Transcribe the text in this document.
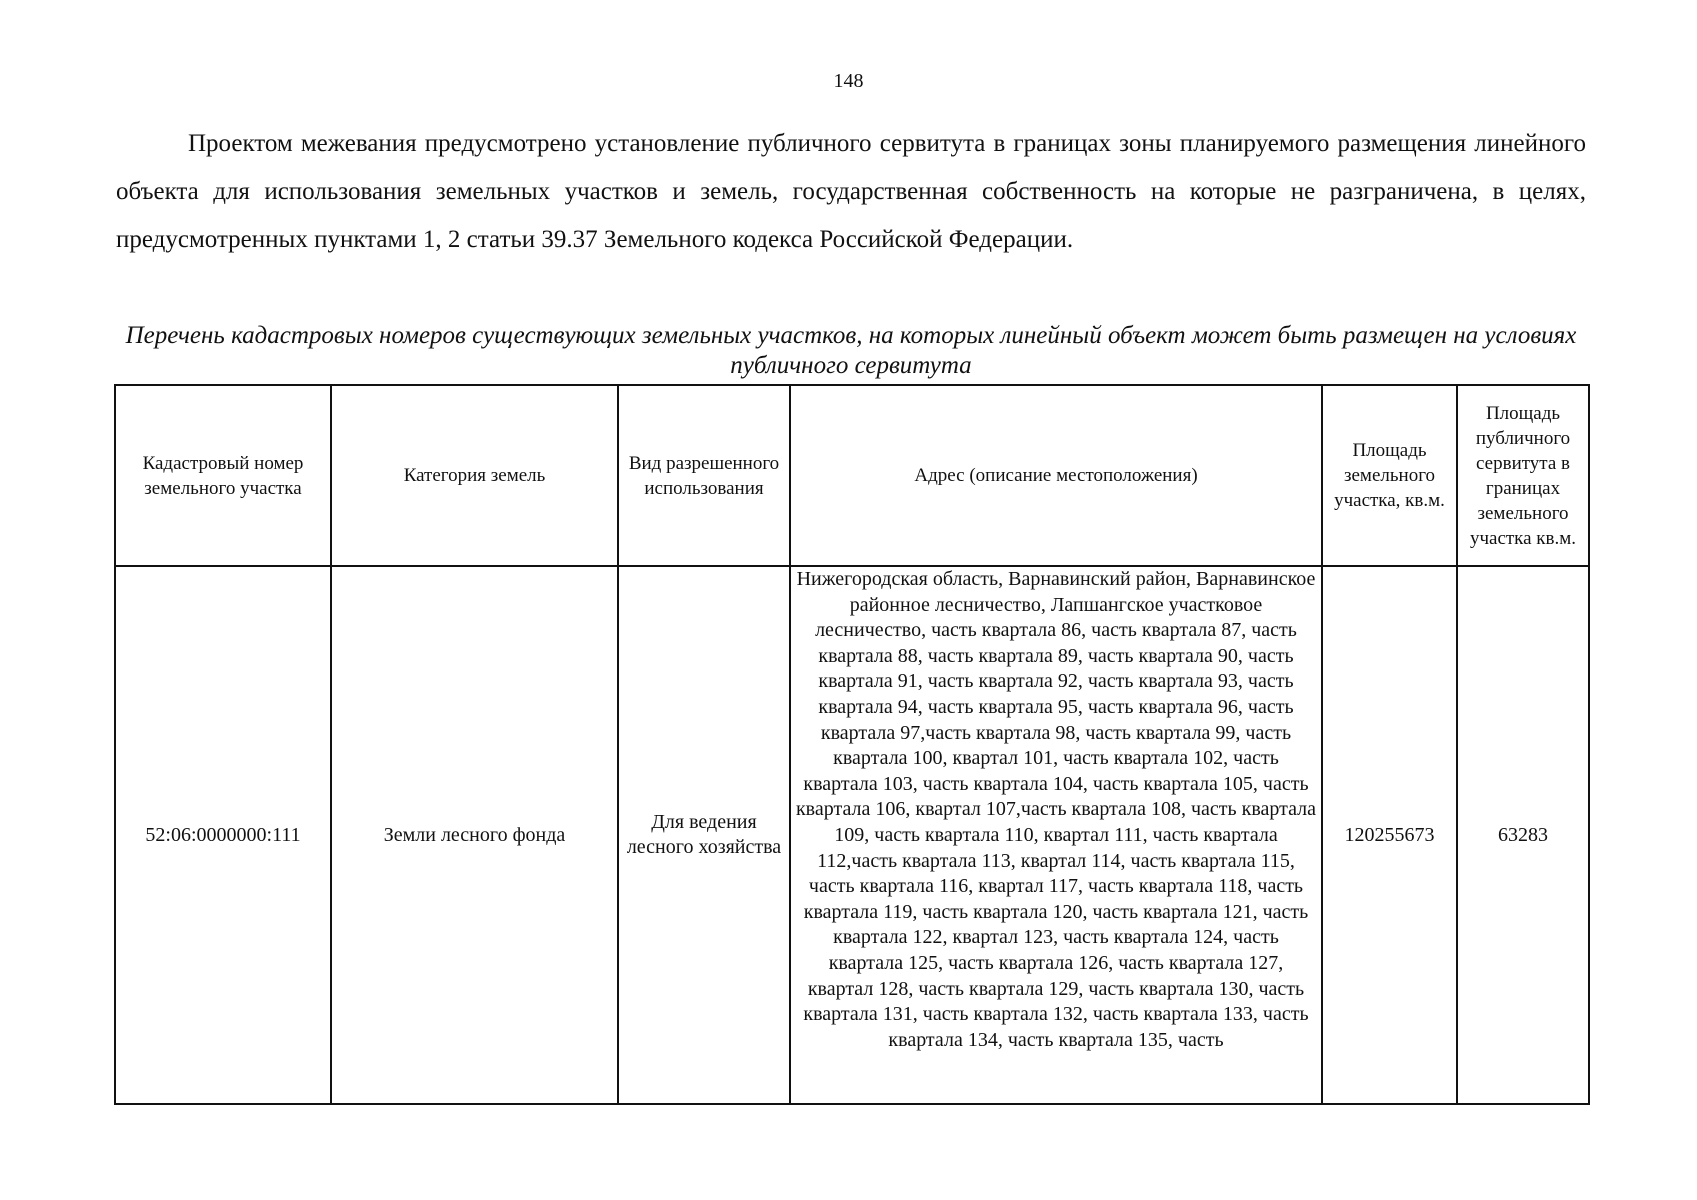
148

Проектом межевания предусмотрено установление публичного сервитута в границах зоны планируемого размещения линейного объекта для использования земельных участков и земель, государственная собственность на которые не разграничена, в целях, предусмотренных пунктами 1, 2 статьи 39.37 Земельного кодекса Российской Федерации.

Перечень кадастровых номеров существующих земельных участков, на которых линейный объект может быть размещен на условиях публичного сервитута

Кадастровый номер земельного участка	Категория земель	Вид разрешенного использования	Адрес (описание местоположения)	Площадь земельного участка, кв.м.	Площадь публичного сервитута в границах земельного участка кв.м.
52:06:0000000:111	Земли лесного фонда	Для ведения лесного хозяйства	Нижегородская область, Варнавинский район, Варнавинское районное лесничество, Лапшангское участковое лесничество, часть квартала 86, часть квартала 87, часть квартала 88, часть квартала 89, часть квартала 90, часть квартала 91, часть квартала 92, часть квартала 93, часть квартала 94, часть квартала 95, часть квартала 96, часть квартала 97,часть квартала 98, часть квартала 99, часть квартала 100, квартал 101, часть квартала 102, часть квартала 103, часть квартала 104, часть квартала 105, часть квартала 106, квартал 107,часть квартала 108, часть квартала 109, часть квартала 110, квартал 111, часть квартала 112,часть квартала 113, квартал 114, часть квартала 115, часть квартала 116, квартал 117, часть квартала 118, часть квартала 119, часть квартала 120, часть квартала 121, часть квартала 122, квартал 123, часть квартала 124, часть квартала 125, часть квартала 126, часть квартала 127, квартал 128, часть квартала 129, часть квартала 130, часть квартала 131, часть квартала 132, часть квартала 133, часть квартала 134, часть квартала 135, часть	120255673	63283
